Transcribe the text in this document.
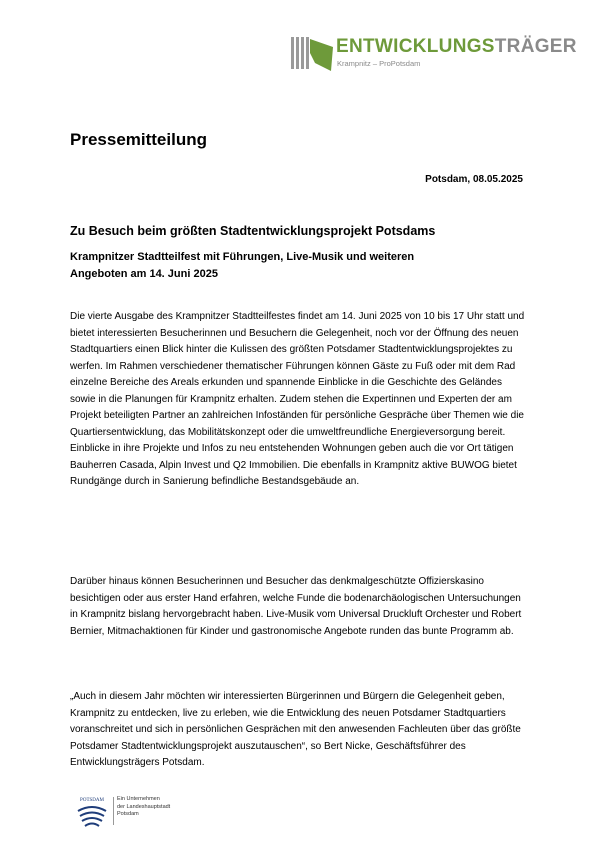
ENTWICKLUNGSTRÄGER
Krampnitz – ProPotsdam
Pressemitteilung
Potsdam, 08.05.2025
Zu Besuch beim größten Stadtentwicklungsprojekt Potsdams
Krampnitzer Stadtteilfest mit Führungen, Live-Musik und weiteren Angeboten am 14. Juni 2025

Die vierte Ausgabe des Krampnitzer Stadtteilfestes findet am 14. Juni 2025 von 10 bis 17 Uhr statt und bietet interessierten Besucherinnen und Besuchern die Gelegenheit, noch vor der Öffnung des neuen Stadtquartiers einen Blick hinter die Kulissen des größten Potsdamer Stadtentwicklungsprojektes zu werfen. Im Rahmen verschiedener thematischer Führungen können Gäste zu Fuß oder mit dem Rad einzelne Bereiche des Areals erkunden und spannende Einblicke in die Geschichte des Geländes sowie in die Planungen für Krampnitz erhalten. Zudem stehen die Expertinnen und Experten der am Projekt beteiligten Partner an zahlreichen Infoständen für persönliche Gespräche über Themen wie die Quartiersentwicklung, das Mobilitätskonzept oder die umweltfreundliche Energieversorgung bereit. Einblicke in ihre Projekte und Infos zu neu entstehenden Wohnungen geben auch die vor Ort tätigen Bauherren Casada, Alpin Invest und Q2 Immobilien. Die ebenfalls in Krampnitz aktive BUWOG bietet Rundgänge durch in Sanierung befindliche Bestandsgebäude an.

Darüber hinaus können Besucherinnen und Besucher das denkmalgeschützte Offizierskasino besichtigen oder aus erster Hand erfahren, welche Funde die bodenarchäologischen Untersuchungen in Krampnitz bislang hervorgebracht haben. Live-Musik vom Universal Druckluft Orchester und Robert Bernier, Mitmachaktionen für Kinder und gastronomische Angebote runden das bunte Programm ab.

„Auch in diesem Jahr möchten wir interessierten Bürgerinnen und Bürgern die Gelegenheit geben, Krampnitz zu entdecken, live zu erleben, wie die Entwicklung des neuen Potsdamer Stadtquartiers voranschreitet und sich in persönlichen Gesprächen mit den anwesenden Fachleuten über das größte Potsdamer Stadtentwicklungsprojekt auszutauschen“, so Bert Nicke, Geschäftsführer des Entwicklungsträgers Potsdam.

POTSDAM Ein Unternehmen
der Landeshauptstadt
Potsdam
